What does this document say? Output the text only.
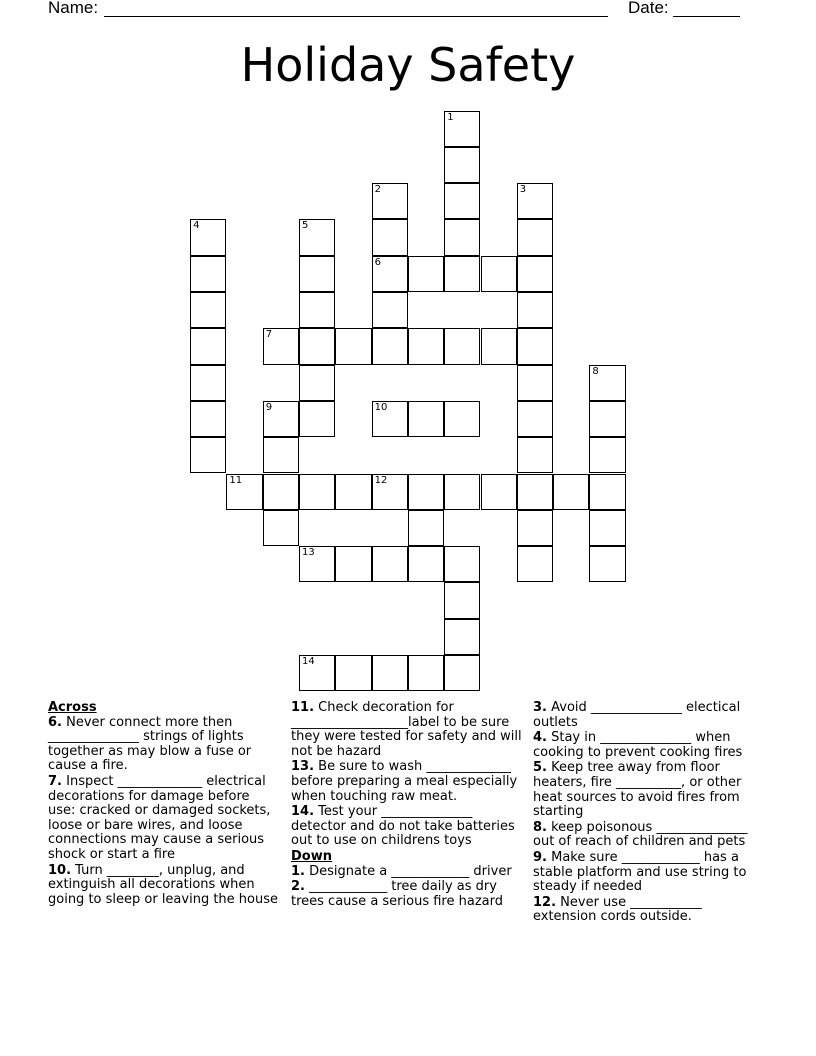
Name:	Date:
Holiday Safety
1
2	3
4	5
6
7
8
9	10
11	12
13
14

Across

6. Never connect more then ______________ strings of lights together as may blow a fuse or cause a fire.

7. Inspect _____________ electrical decorations for damage before use: cracked or damaged sockets, loose or bare wires, and loose connections may cause a serious shock or start a fire

10. Turn ________, unplug, and extinguish all decorations when going to sleep or leaving the house

11. Check decoration for __________________label to be sure they were tested for safety and will not be hazard

13. Be sure to wash _____________ before preparing a meal especially when touching raw meat.

14. Test your ______________ detector and do not take batteries out to use on childrens toys

Down

1. Designate a ____________ driver

2. ____________ tree daily as dry trees cause a serious fire hazard

3. Avoid ______________ electical outlets

4. Stay in ______________ when cooking to prevent cooking fires

5. Keep tree away from floor heaters, fire __________, or other heat sources to avoid fires from starting

8. keep poisonous ______________ out of reach of children and pets

9. Make sure ____________ has a stable platform and use string to steady if needed

12. Never use ___________ extension cords outside.
